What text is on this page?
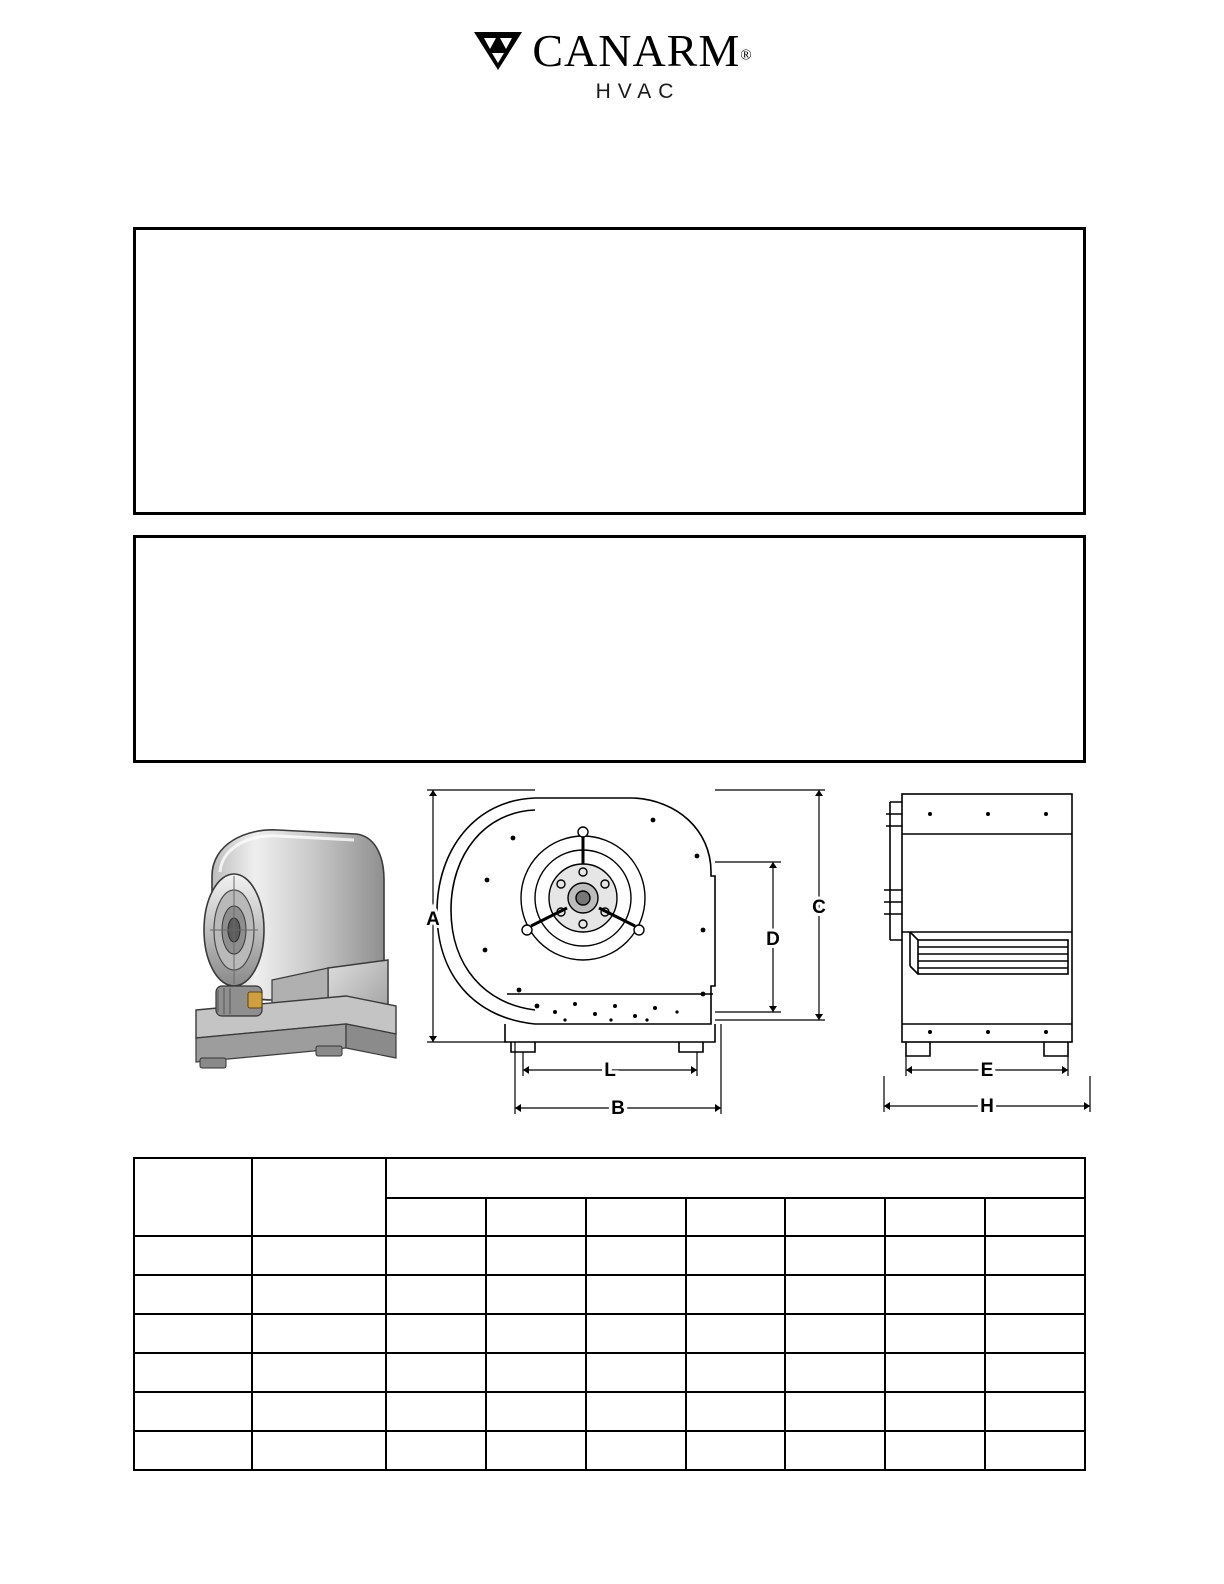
CANARM®
HVAC

A
C
D
L
B
E
H
